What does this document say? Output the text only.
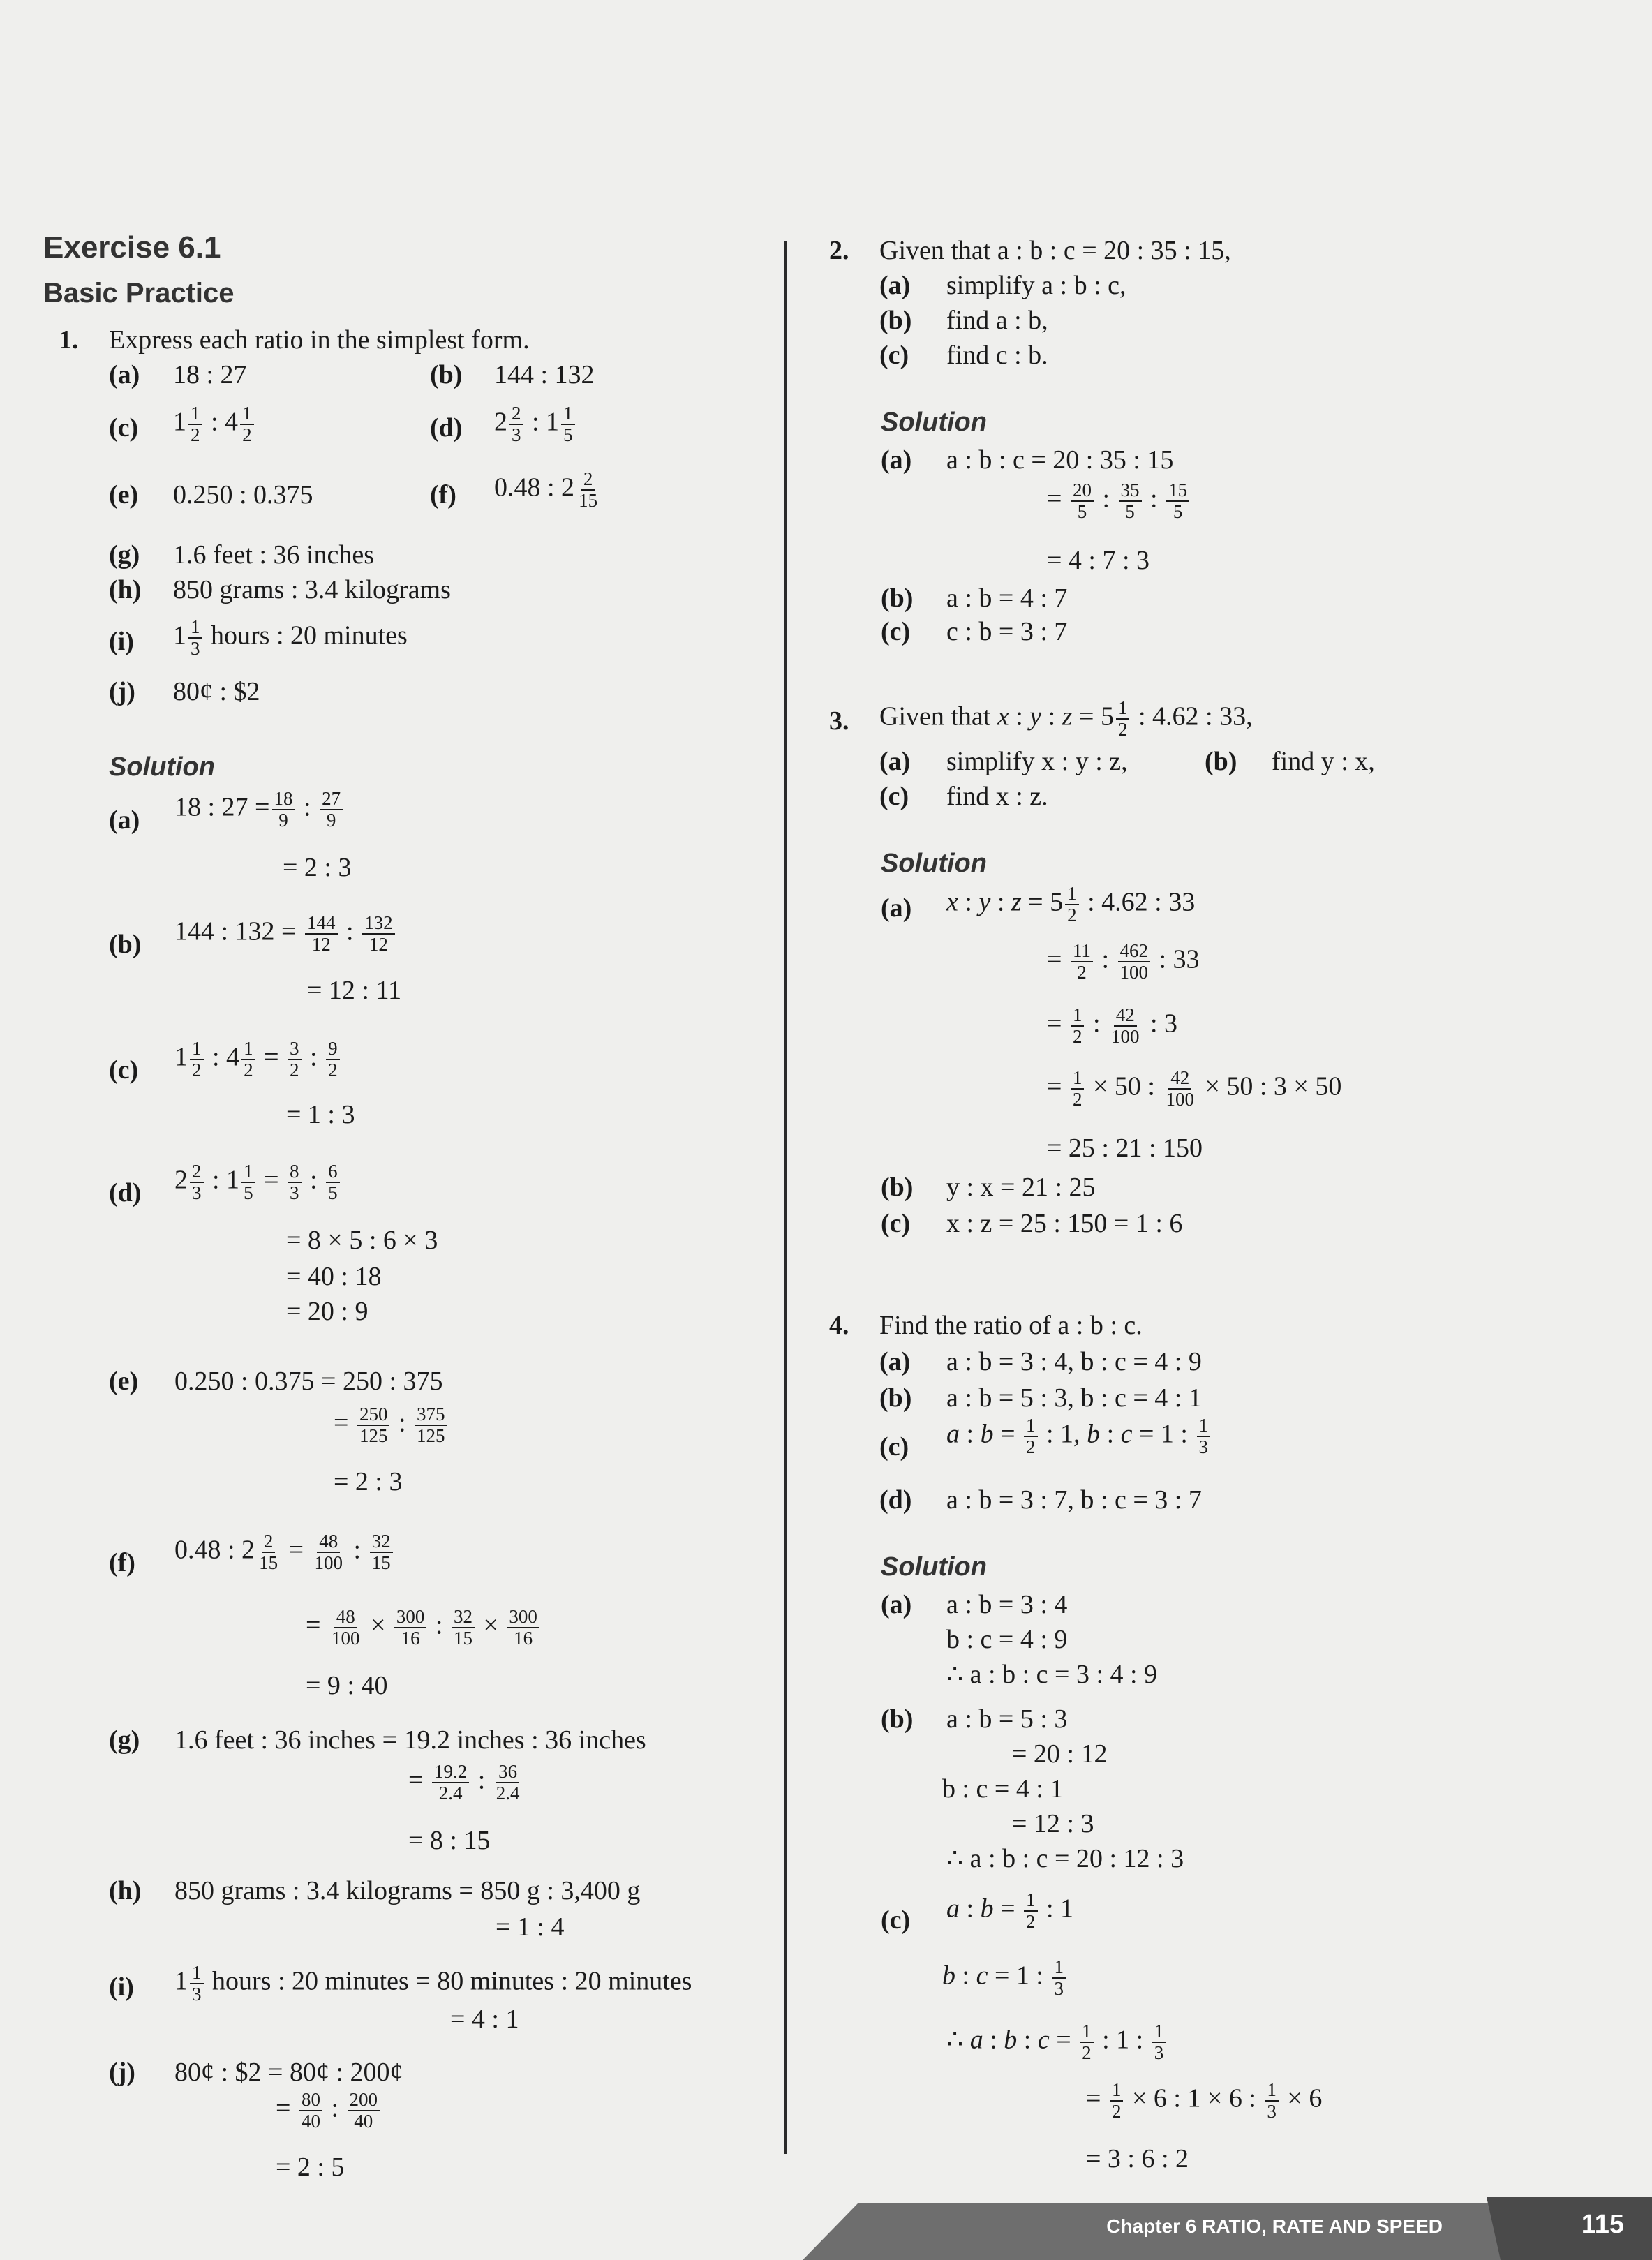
Exercise 6.1
Basic Practice
1. Express each ratio in the simplest form.
(a) 18 : 27	(b) 144 : 132
(c) $1 \frac{1}{2}$ : $4 \frac{1}{2}$	(d) $2 \frac{2}{3}$ : $1 \frac{1}{5}$
(e) 0.250 : 0.375	(f) 0.48 : $2 \frac{2}{15}$
(g) 1.6 feet : 36 inches
(h) 850 grams : 3.4 kilograms
(i) $1 \frac{1}{3}$ hours : 20 minutes
(j) 80¢ : $2
Solution
(a) 18 : $27 = \frac{18}{9}$ : $\frac{27}{9}$
= 2 : 3
(b) 144 : $132 = \frac{144}{12}$ : $\frac{132}{12}$
= 12 : 11
(c) $1 \frac{1}{2}$ : $4 \frac{1}{2} = \frac{3}{2}$ : $\frac{9}{2}$
= 1 : 3
(d) $2 \frac{2}{3}$ : $1 \frac{1}{5} = \frac{8}{3}$ : $\frac{6}{5}$
= 8 × 5 : 6 × 3
= 40 : 18
= 20 : 9
(e) 0.250 : 0.375 = 250 : 375
= $\frac{250}{125}$ : $\frac{375}{125}$
= 2 : 3
(f) 0.48 : $2 \frac{2}{15} = \frac{48}{100}$ : $\frac{32}{15}$
= $\frac{48}{100} \times \frac{300}{16}$ : $\frac{32}{15} \times \frac{300}{16}$
= 9 : 40
(g) 1.6 feet : 36 inches = 19.2 inches : 36 inches
= $\frac{19.2}{2.4}$ : $\frac{36}{2.4}$
= 8 : 15
(h) 850 grams : 3.4 kilograms = 850 g : 3,400 g
= 1 : 4
(i) $1 \frac{1}{3}$ hours : 20 minutes = 80 minutes : 20 minutes
= 4 : 1
(j) 80¢ : $2 = 80¢ : 200¢
= $\frac{80}{40}$ : $\frac{200}{40}$
= 2 : 5
2. Given that a : b : c = 20 : 35 : 15,
(a) simplify a : b : c,
(b) find a : b,
(c) find c : b.
Solution
(a) a : b : c = 20 : 35 : 15
= $\frac{20}{5}$ : $\frac{35}{5}$ : $\frac{15}{5}$
= 4 : 7 : 3
(b) a : b = 4 : 7
(c) c : b = 3 : 7
3. Given that x : y : $z = 5 \frac{1}{2}$ : 4.62 : 33,
(a) simplify x : y : z,	(b) find y : x,
(c) find x : z.
Solution
(a) x : y : $z = 5 \frac{1}{2}$ : 4.62 : 33
= $\frac{11}{2}$ : $\frac{462}{100}$ : 33
= $\frac{1}{2}$ : $\frac{42}{100}$ : 3
= $\frac{1}{2} \times 50$ : $\frac{42}{100} \times 50$ : 3 × 50
= 25 : 21 : 150
(b) y : x = 21 : 25
(c) x : z = 25 : 150 = 1 : 6
4. Find the ratio of a : b : c.
(a) a : b = 3 : 4, b : c = 4 : 9
(b) a : b = 5 : 3, b : c = 4 : 1
(c) a : $b = \frac{1}{2}$ : 1, b : c = 1 : $\frac{1}{3}$
(d) a : b = 3 : 7, b : c = 3 : 7
Solution
(a) a : b = 3 : 4
b : c = 4 : 9
∴ a : b : c = 3 : 4 : 9
(b) a : b = 5 : 3
= 20 : 12
b : c = 4 : 1
= 12 : 3
∴ a : b : c = 20 : 12 : 3
(c) a : $b = \frac{1}{2}$ : 1
b : c = 1 : $\frac{1}{3}$
∴ a : b : $c = \frac{1}{2}$ : 1 : $\frac{1}{3}$
= $\frac{1}{2} \times 6$ : 1 × 6 : $\frac{1}{3} \times 6$
= 3 : 6 : 2
Chapter 6 RATIO, RATE AND SPEED	115
